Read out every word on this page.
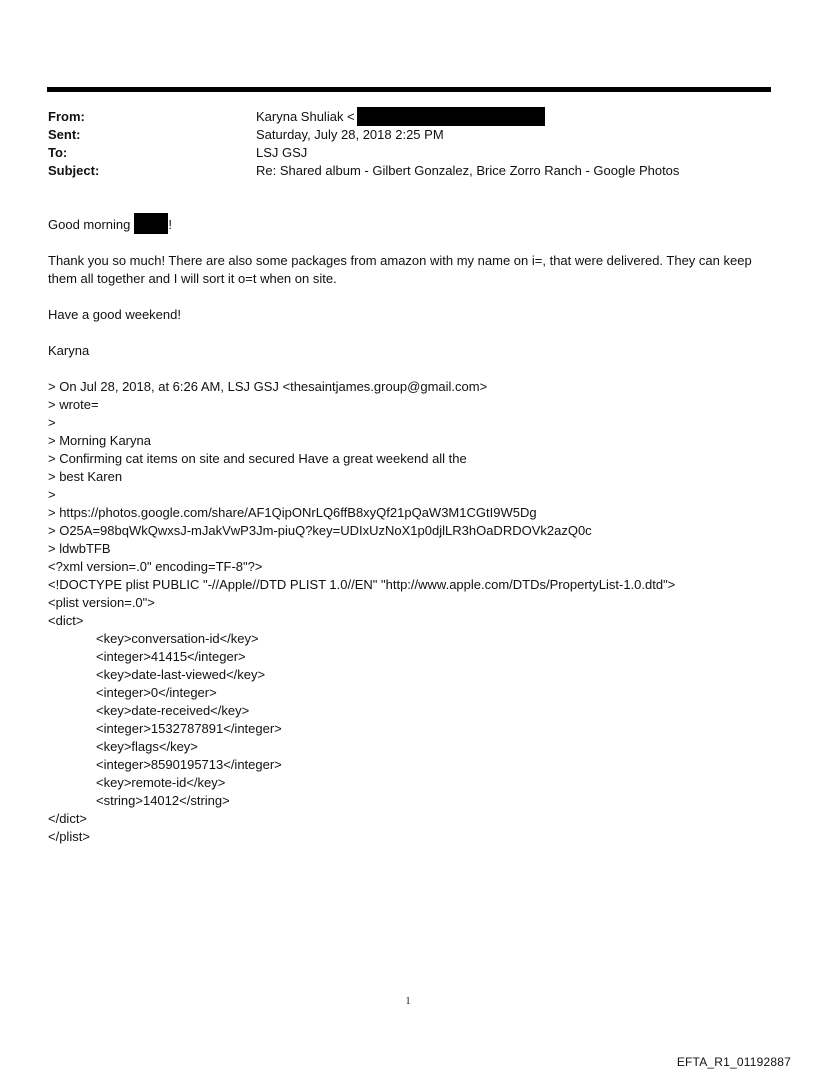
From:	Karyna Shuliak <
Sent:	Saturday, July 28, 2018 2:25 PM
To:	LSJ GSJ
Subject:	Re: Shared album - Gilbert Gonzalez, Brice Zorro Ranch - Google Photos

Good morning	!

Thank you so much! There are also some packages from amazon with my name on i=, that were delivered. They can keep them all together and I will sort it o=t when on site.

Have a good weekend!

Karyna

> On Jul 28, 2018, at 6:26 AM, LSJ GSJ <thesaintjames.group@gmail.com>
> wrote=
>
> Morning Karyna
> Confirming cat items on site and secured Have a great weekend all the
> best Karen
>
> https://photos.google.com/share/AF1QipONrLQ6ffB8xyQf21pQaW3M1CGtI9W5Dg
> O25A=98bqWkQwxsJ-mJakVwP3Jm-piuQ?key=UDIxUzNoX1p0djlLR3hOaDRDOVk2azQ0c
> ldwbTFB
<?xml version=.0" encoding=TF-8"?>
<!DOCTYPE plist PUBLIC "-//Apple//DTD PLIST 1.0//EN" "http://www.apple.com/DTDs/PropertyList-1.0.dtd">
<plist version=.0">
<dict>
<key>conversation-id</key>
<integer>41415</integer>
<key>date-last-viewed</key>
<integer>0</integer>
<key>date-received</key>
<integer>1532787891</integer>
<key>flags</key>
<integer>8590195713</integer>
<key>remote-id</key>
<string>14012</string>
</dict>
</plist>
1
EFTA_R1_01192887
